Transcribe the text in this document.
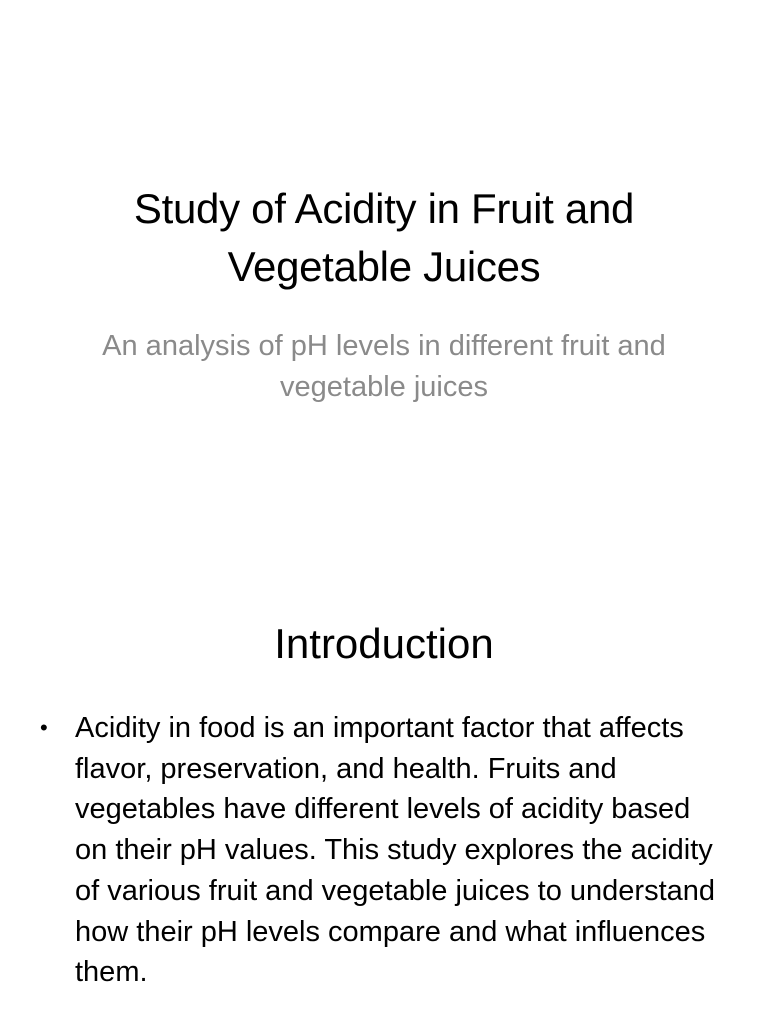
Study of Acidity in Fruit and Vegetable Juices
An analysis of pH levels in different fruit and vegetable juices
Introduction
• Acidity in food is an important factor that affects flavor, preservation, and health. Fruits and vegetables have different levels of acidity based on their pH values. This study explores the acidity of various fruit and vegetable juices to understand how their pH levels compare and what influences them.
